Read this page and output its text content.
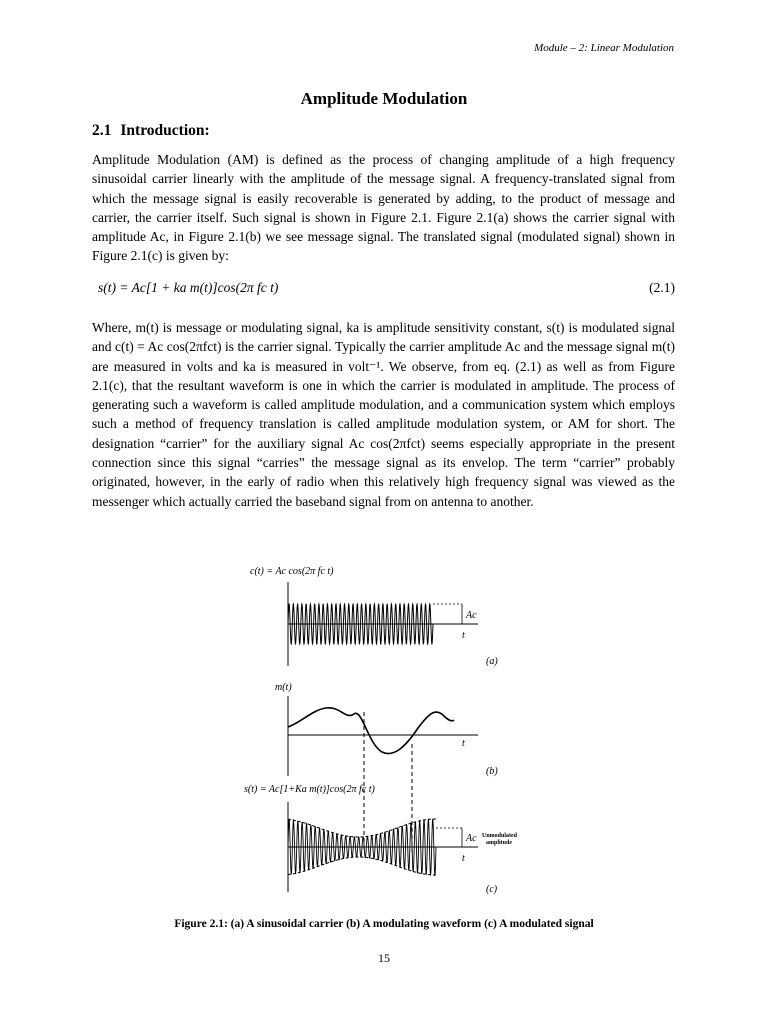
Module – 2: Linear Modulation
Amplitude Modulation
2.1 Introduction:
Amplitude Modulation (AM) is defined as the process of changing amplitude of a high frequency sinusoidal carrier linearly with the amplitude of the message signal. A frequency-translated signal from which the message signal is easily recoverable is generated by adding, to the product of message and carrier, the carrier itself. Such signal is shown in Figure 2.1. Figure 2.1(a) shows the carrier signal with amplitude Ac, in Figure 2.1(b) we see message signal. The translated signal (modulated signal) shown in Figure 2.1(c) is given by:
s(t) = Ac[1 + ka m(t)]cos(2π fc t)	(2.1)
Where, m(t) is message or modulating signal, ka is amplitude sensitivity constant, s(t) is modulated signal and c(t) = Ac cos(2πfct) is the carrier signal. Typically the carrier amplitude Ac and the message signal m(t) are measured in volts and ka is measured in volt⁻¹. We observe, from eq. (2.1) as well as from Figure 2.1(c), that the resultant waveform is one in which the carrier is modulated in amplitude. The process of generating such a waveform is called amplitude modulation, and a communication system which employs such a method of frequency translation is called amplitude modulation system, or AM for short. The designation “carrier” for the auxiliary signal Ac cos(2πfct) seems especially appropriate in the present connection since this signal “carries” the message signal as its envelop. The term “carrier” probably originated, however, in the early of radio when this relatively high frequency signal was viewed as the messenger which actually carried the baseband signal from on antenna to another.
c(t) = Ac cos(2π fc t)
Ac
t
(a)
m(t)
t
(b)
s(t) = Ac[1+Ka m(t)]cos(2π fc t)
Ac Unmodulated
amplitude
t
(c)
Figure 2.1: (a) A sinusoidal carrier (b) A modulating waveform (c) A modulated signal
15
